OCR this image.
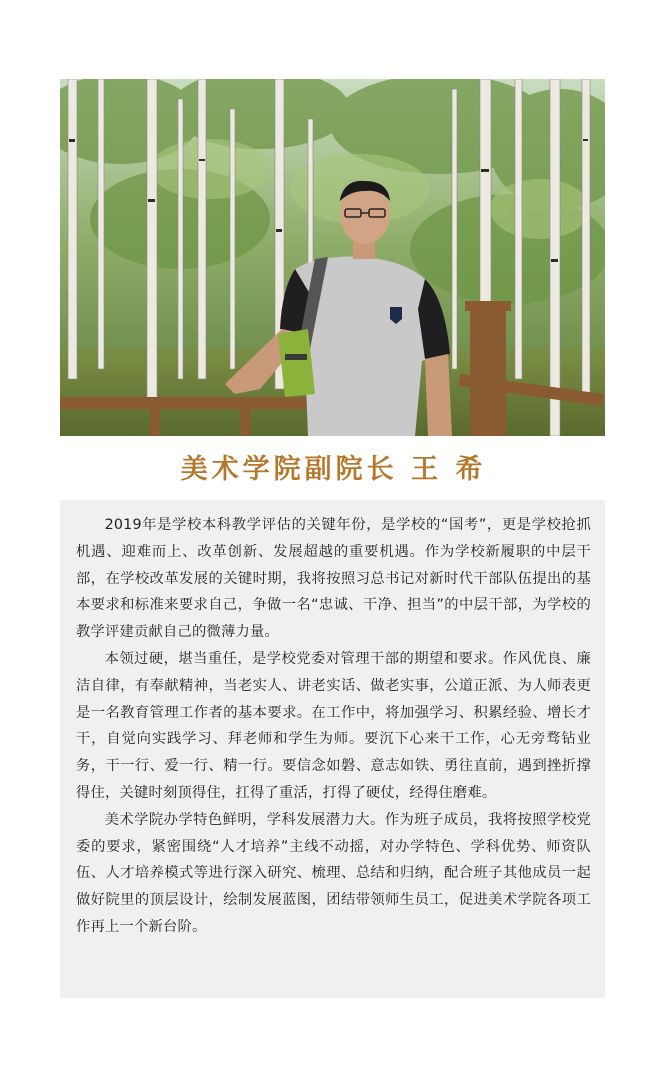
美术学院副院长 王 希

2019年是学校本科教学评估的关键年份，是学校的“国考”，更是学校抢抓机遇、迎难而上、改革创新、发展超越的重要机遇。作为学校新履职的中层干部，在学校改革发展的关键时期，我将按照习总书记对新时代干部队伍提出的基本要求和标准来要求自己，争做一名“忠诚、干净、担当”的中层干部，为学校的教学评建贡献自己的微薄力量。

本领过硬，堪当重任，是学校党委对管理干部的期望和要求。作风优良、廉洁自律，有奉献精神，当老实人、讲老实话、做老实事，公道正派、为人师表更是一名教育管理工作者的基本要求。在工作中，将加强学习、积累经验、增长才干，自觉向实践学习、拜老师和学生为师。要沉下心来干工作，心无旁骛钻业务，干一行、爱一行、精一行。要信念如磐、意志如铁、勇往直前，遇到挫折撑得住，关键时刻顶得住，扛得了重活，打得了硬仗，经得住磨难。

美术学院办学特色鲜明，学科发展潜力大。作为班子成员，我将按照学校党委的要求，紧密围绕“人才培养”主线不动摇，对办学特色、学科优势、师资队伍、人才培养模式等进行深入研究、梳理、总结和归纳，配合班子其他成员一起做好院里的顶层设计，绘制发展蓝图，团结带领师生员工，促进美术学院各项工作再上一个新台阶。
